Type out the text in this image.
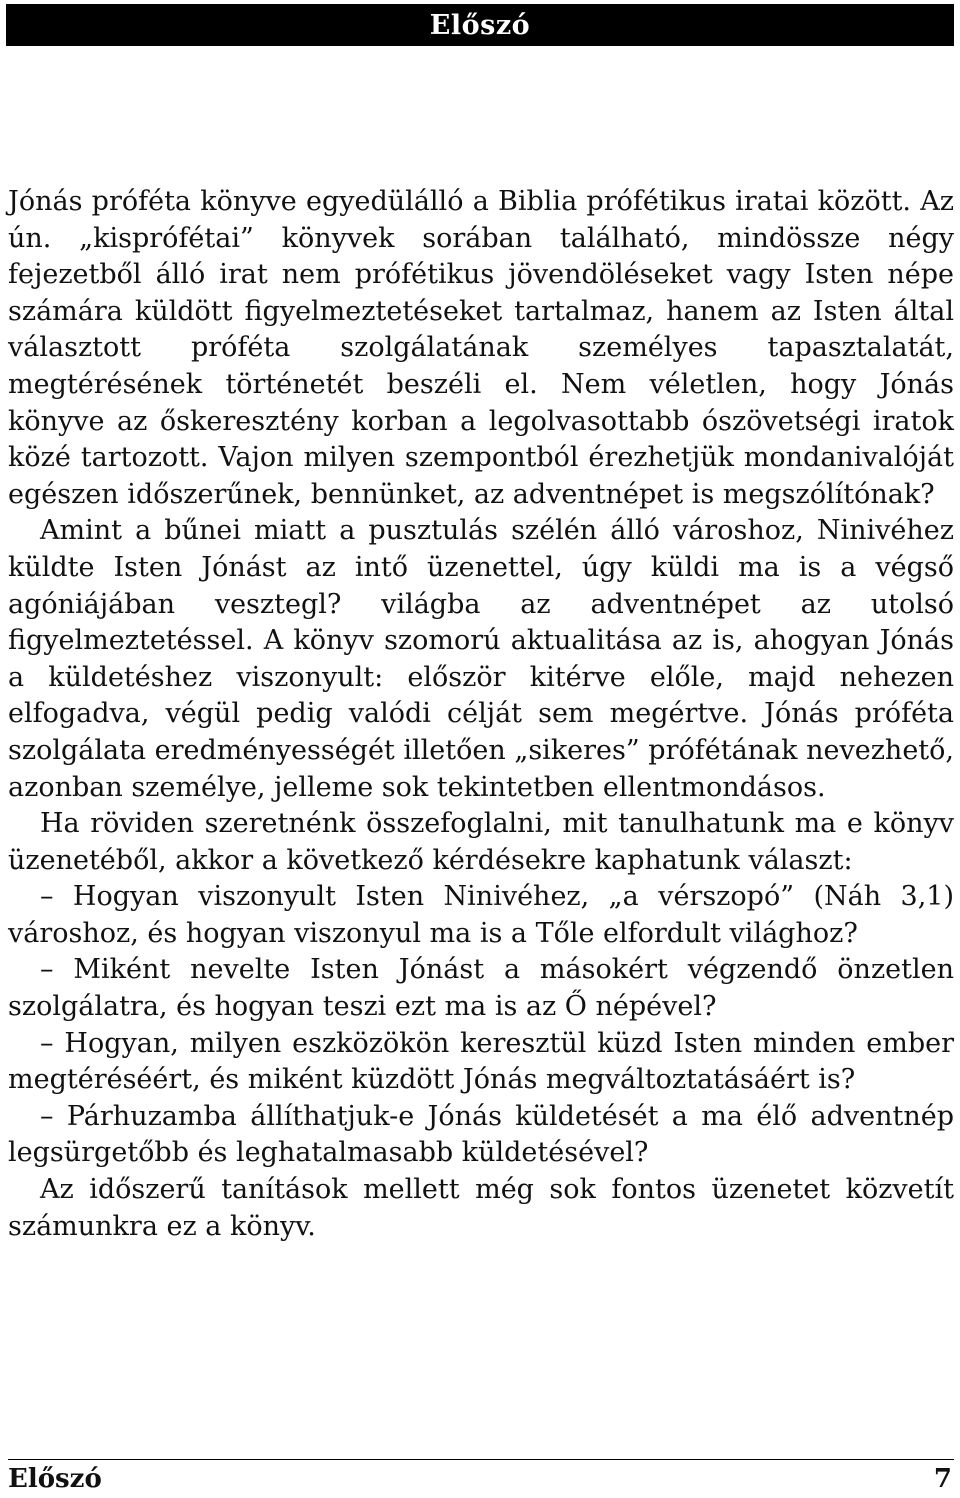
Előszó

Jónás próféta könyve egyedülálló a Biblia prófétikus iratai között. Az ún. „kisprófétai” könyvek sorában található, mindössze négy fejezetből álló irat nem prófétikus jövendöléseket vagy Isten népe számára küldött figyelmeztetéseket tartalmaz, hanem az Isten által választott próféta szolgálatának személyes tapasztalatát, megtérésének történetét beszéli el. Nem véletlen, hogy Jónás könyve az őskeresztény korban a legolvasottabb ószövetségi iratok közé tartozott. Vajon milyen szempontból érezhetjük mondanivalóját egészen időszerűnek, bennünket, az adventnépet is megszólítónak?

Amint a bűnei miatt a pusztulás szélén álló városhoz, Ninivéhez küldte Isten Jónást az intő üzenettel, úgy küldi ma is a végső agóniájában vesztegl? világba az adventnépet az utolsó figyelmeztetéssel. A könyv szomorú aktualitása az is, ahogyan Jónás a küldetéshez viszonyult: először kitérve előle, majd nehezen elfogadva, végül pedig valódi célját sem megértve. Jónás próféta szolgálata eredményességét illetően „sikeres” prófétának nevezhető, azonban személye, jelleme sok tekintetben ellentmondásos.

Ha röviden szeretnénk összefoglalni, mit tanulhatunk ma e könyv üzenetéből, akkor a következő kérdésekre kaphatunk választ:

– Hogyan viszonyult Isten Ninivéhez, „a vérszopó” (Náh 3,1) városhoz, és hogyan viszonyul ma is a Tőle elfordult világhoz?

– Miként nevelte Isten Jónást a másokért végzendő önzetlen szolgálatra, és hogyan teszi ezt ma is az Ő népével?

– Hogyan, milyen eszközökön keresztül küzd Isten minden ember megtéréséért, és miként küzdött Jónás megváltoztatásáért is?

– Párhuzamba állíthatjuk-e Jónás küldetését a ma élő adventnép legsürgetőbb és leghatalmasabb küldetésével?

Az időszerű tanítások mellett még sok fontos üzenetet közvetít számunkra ez a könyv.

Előszó	7
